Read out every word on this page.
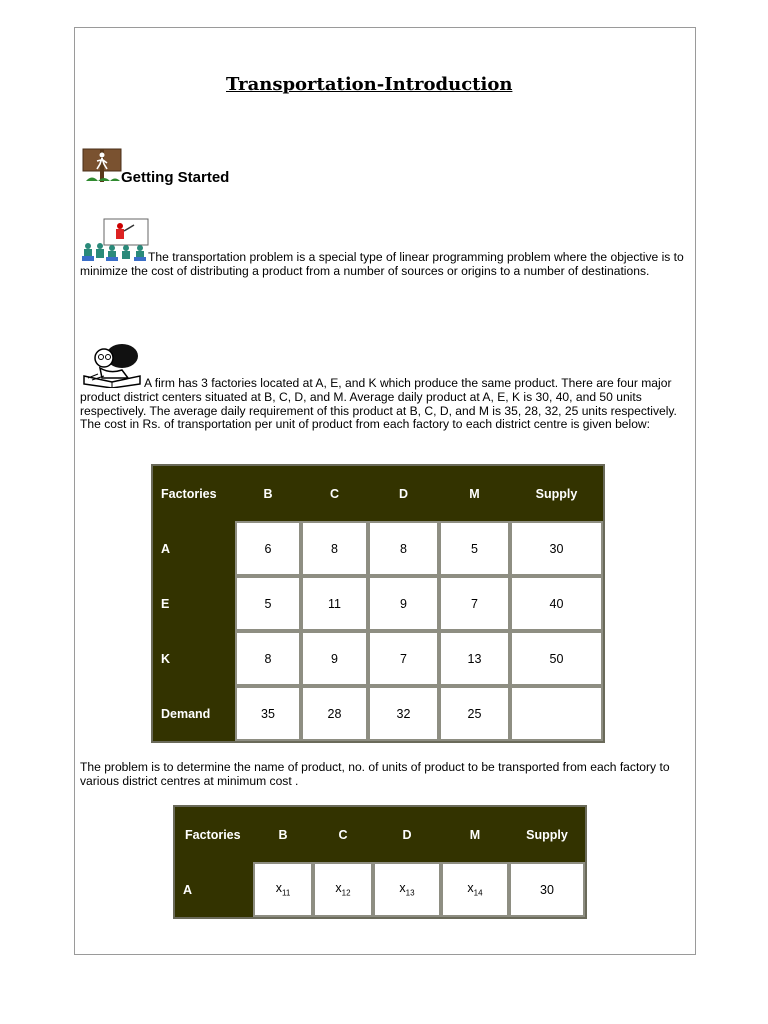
Transportation-Introduction
Getting Started
The transportation problem is a special type of linear programming problem where the objective is to minimize the cost of distributing a product from a number of sources or origins to a number of destinations.
A firm has 3 factories located at A, E, and K which produce the same product. There are four major product district centers situated at B, C, D, and M. Average daily product at A, E, K is 30, 40, and 50 units respectively. The average daily requirement of this product at B, C, D, and M is 35, 28, 32, 25 units respectively. The cost in Rs. of transportation per unit of product from each factory to each district centre is given below:
Factories	B	C	D	M	Supply
A	6	8	8	5	30
E	5	11	9	7	40
K	8	9	7	13	50
Demand	35	28	32	25	
The problem is to determine the name of product, no. of units of product to be transported from each factory to various district centres at minimum cost .
Factories	B	C	D	M	Supply
A	$x_{11}$	$x_{12}$	$x_{13}$	$x_{14}$	30
